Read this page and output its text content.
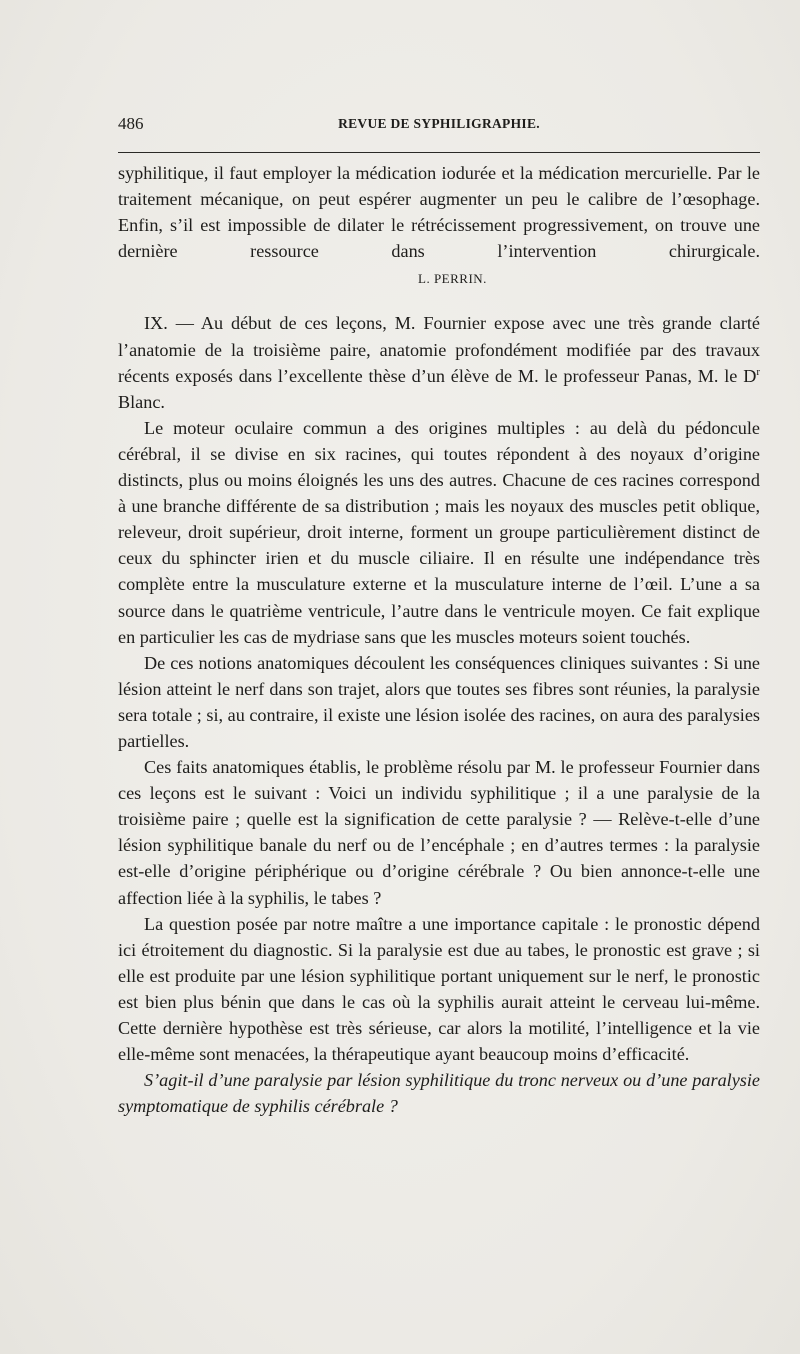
486	REVUE DE SYPHILIGRAPHIE.

syphilitique, il faut employer la médication iodurée et la médication mercurielle. Par le traitement mécanique, on peut espérer augmenter un peu le calibre de l’œsophage. Enfin, s’il est impossible de dilater le rétrécissement progressivement, on trouve une dernière ressource dans l’intervention chirurgicale.L. PERRIN.

IX. — Au début de ces leçons, M. Fournier expose avec une très grande clarté l’anatomie de la troisième paire, anatomie profondément modifiée par des travaux récents exposés dans l’excellente thèse d’un élève de M. le professeur Panas, M. le $D^r$ Blanc.

Le moteur oculaire commun a des origines multiples : au delà du pédoncule cérébral, il se divise en six racines, qui toutes répondent à des noyaux d’origine distincts, plus ou moins éloignés les uns des autres. Chacune de ces racines correspond à une branche différente de sa distribution ; mais les noyaux des muscles petit oblique, releveur, droit supérieur, droit interne, forment un groupe particulièrement distinct de ceux du sphincter irien et du muscle ciliaire. Il en résulte une indépendance très complète entre la musculature externe et la musculature interne de l’œil. L’une a sa source dans le quatrième ventricule, l’autre dans le ventricule moyen. Ce fait explique en particulier les cas de mydriase sans que les muscles moteurs soient touchés.

De ces notions anatomiques découlent les conséquences cliniques suivantes : Si une lésion atteint le nerf dans son trajet, alors que toutes ses fibres sont réunies, la paralysie sera totale ; si, au contraire, il existe une lésion isolée des racines, on aura des paralysies partielles.

Ces faits anatomiques établis, le problème résolu par M. le professeur Fournier dans ces leçons est le suivant : Voici un individu syphilitique ; il a une paralysie de la troisième paire ; quelle est la signification de cette paralysie ? — Relève-t-elle d’une lésion syphilitique banale du nerf ou de l’encéphale ; en d’autres termes : la paralysie est-elle d’origine périphérique ou d’origine cérébrale ? Ou bien annonce-t-elle une affection liée à la syphilis, le tabes ?

La question posée par notre maître a une importance capitale : le pronostic dépend ici étroitement du diagnostic. Si la paralysie est due au tabes, le pronostic est grave ; si elle est produite par une lésion syphilitique portant uniquement sur le nerf, le pronostic est bien plus bénin que dans le cas où la syphilis aurait atteint le cerveau lui-même. Cette dernière hypothèse est très sérieuse, car alors la motilité, l’intelligence et la vie elle-même sont menacées, la thérapeutique ayant beaucoup moins d’efficacité.

S’agit-il d’une paralysie par lésion syphilitique du tronc nerveux ou d’une paralysie symptomatique de syphilis cérébrale ?
